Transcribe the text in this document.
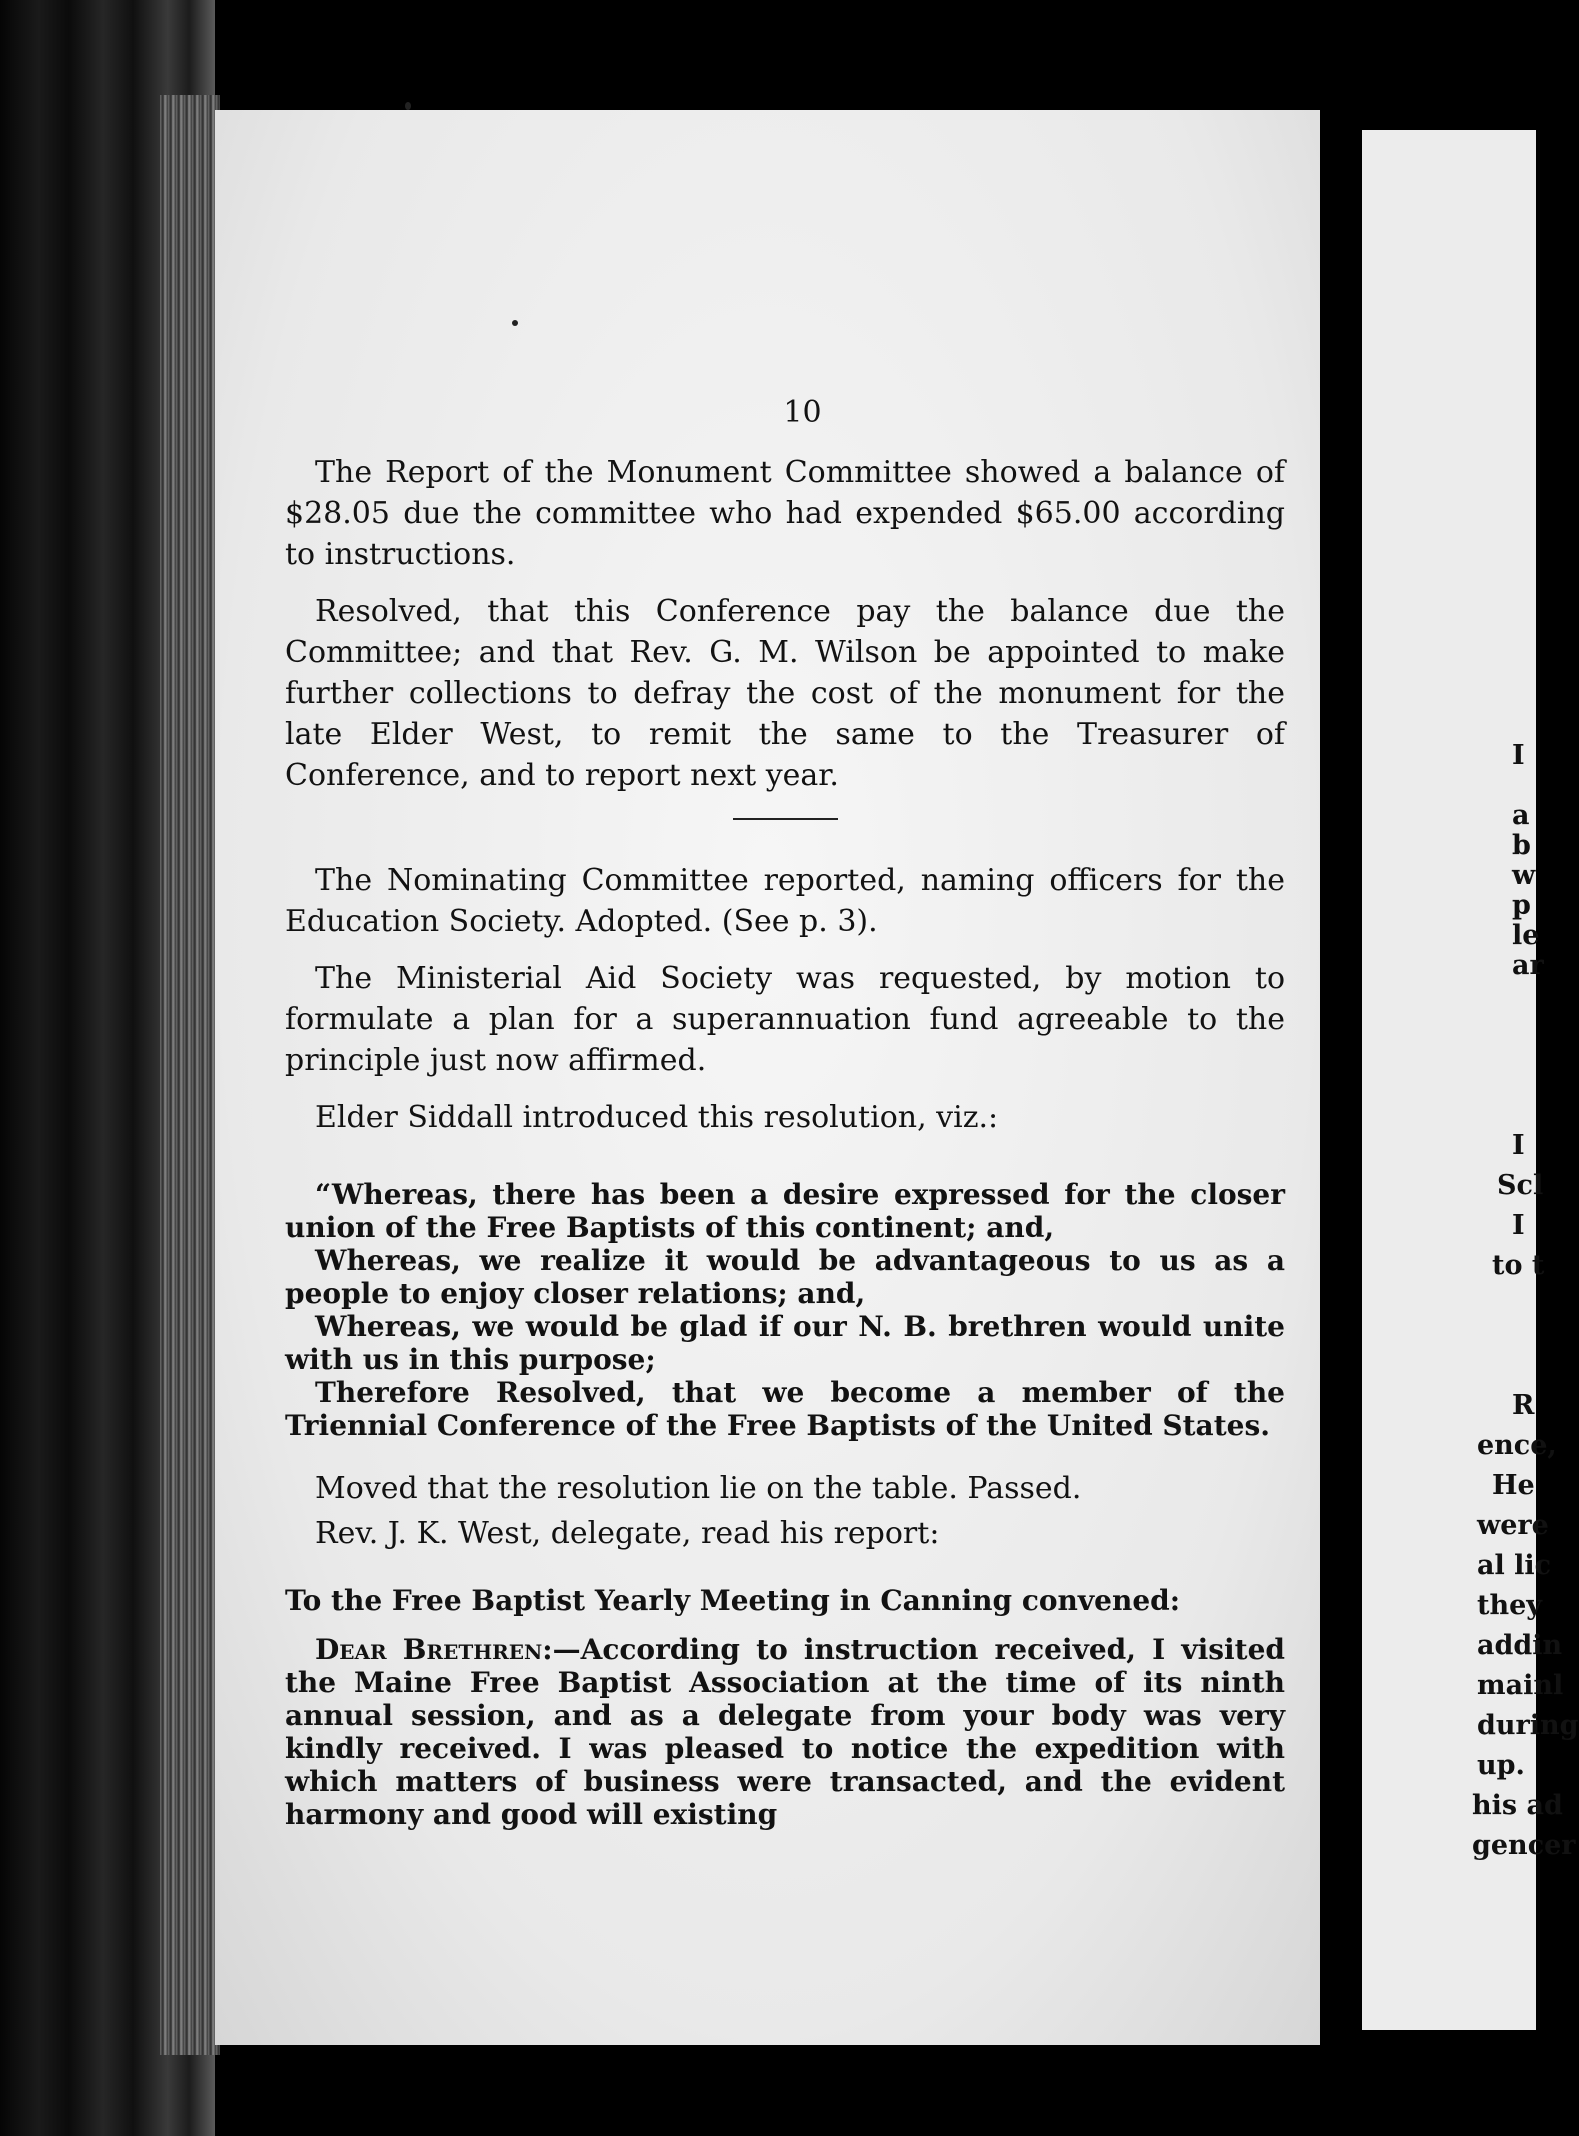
10

The Report of the Monument Committee showed a balance of $28.05 due the committee who had expended $65.00 according to instructions.

Resolved, that this Conference pay the balance due the Committee; and that Rev. G. M. Wilson be appointed to make further collections to defray the cost of the monument for the late Elder West, to remit the same to the Treasurer of Conference, and to report next year.

The Nominating Committee reported, naming officers for the Education Society. Adopted. (See p. 3).

The Ministerial Aid Society was requested, by motion to formulate a plan for a superannuation fund agreeable to the principle just now affirmed.

Elder Siddall introduced this resolution, viz.:

“Whereas, there has been a desire expressed for the closer union of the Free Baptists of this continent; and,

Whereas, we realize it would be advantageous to us as a people to enjoy closer relations; and,

Whereas, we would be glad if our N. B. brethren would unite with us in this purpose;

Therefore Resolved, that we become a member of the Triennial Conference of the Free Baptists of the United States.

Moved that the resolution lie on the table. Passed.

Rev. J. K. West, delegate, read his report:

To the Free Baptist Yearly Meeting in Canning convened:

Dear Brethren:—According to instruction received, I visited the Maine Free Baptist Association at the time of its ninth annual session, and as a delegate from your body was very kindly received. I was pleased to notice the expedition with which matters of business were transacted, and the evident harmony and good will existing

I
a
b
w
p
le
ar
I
Scl
I
to t
R
ence,
He
were
al lic
they
addin
mainl
during
up.
his ad
gencer
